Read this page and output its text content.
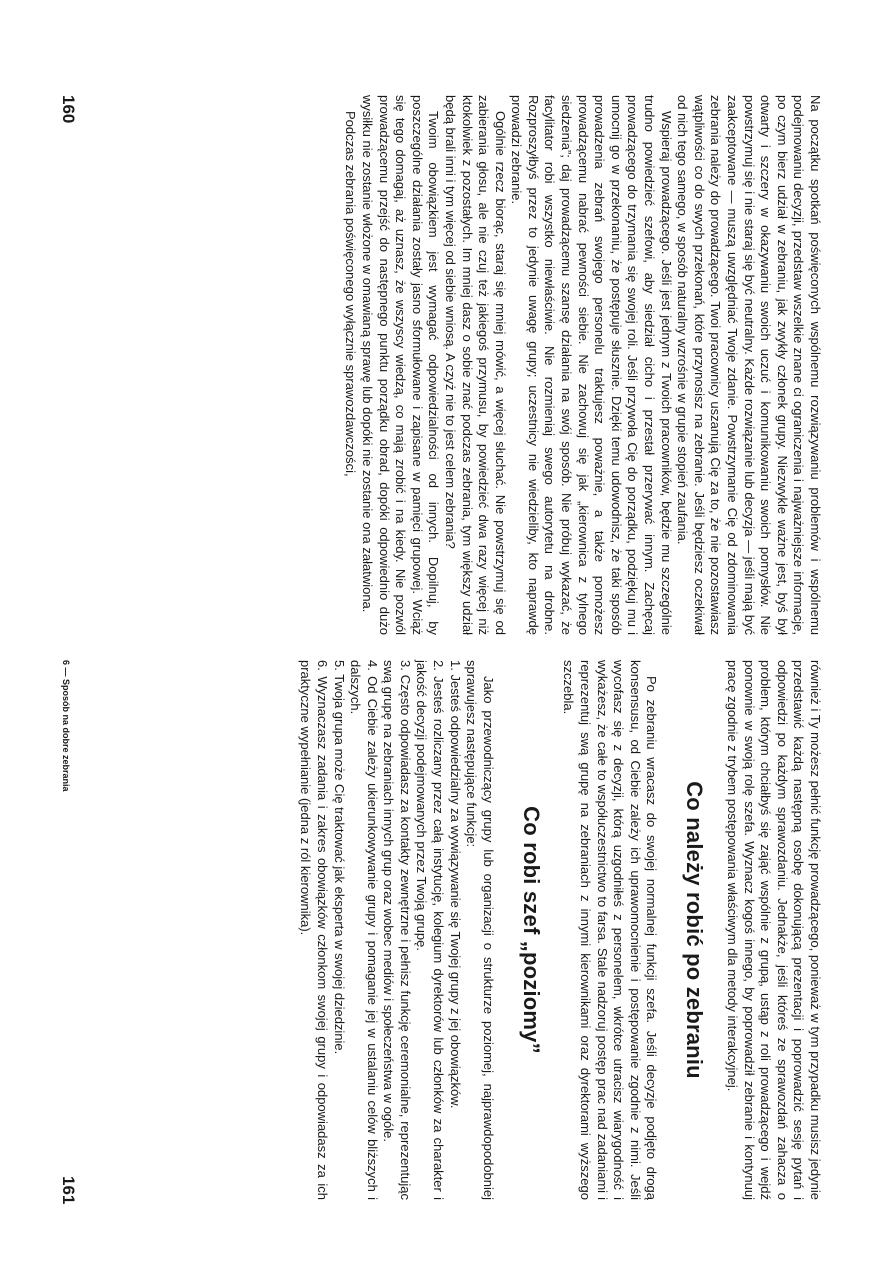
Na początku spotkań poświęconych wspólnemu rozwiązywaniu problemów i wspólnemu podejmowaniu decyzji, przedstaw wszelkie znane ci ograniczenia i najważniejsze informacje, po czym bierz udział w zebraniu, jak zwykły członek grupy. Niezwykle ważne jest, byś był otwarty i szczery w okazywaniu swoich uczuć i komunikowaniu swoich pomysłów. Nie powstrzymuj się i nie staraj się być neutralny. Każde rozwiązanie lub decyzja — jeśli mają być zaakceptowane — muszą uwzględniać Twoje zdanie. Powstrzymanie Cię od zdominowania zebrania należy do prowadzącego. Twoi pracownicy uszanują Cię za to, że nie pozostawiasz wątpliwości co do swych przekonań, które przynosisz na zebranie. Jeśli będziesz oczekiwał od nich tego samego, w sposób naturalny wzrośnie w grupie stopień zaufania.

Wspieraj prowadzącego. Jeśli jest jednym z Twoich pracowników, będzie mu szczególnie trudno powiedzieć szefowi, aby siedział cicho i przestał przerywać innym. Zachęcaj prowadzącego do trzymania się swojej roli. Jeśli przywoła Cię do porządku, podziękuj mu i umocnij go w przekonaniu, że postępuje słusznie. Dzięki temu udowodnisz, że taki sposób prowadzenia zebrań swojego personelu traktujesz poważnie, a także pomożesz prowadzącemu nabrać pewności siebie. Nie zachowuj się jak „kierownica z tylnego siedzenia”; daj prowadzącemu szansę działania na swój sposób. Nie próbuj wykazać, że facylitator robi wszystko niewłaściwie. Nie rozmieniaj swego autorytetu na drobne. Rozproszyłbyś przez to jedynie uwagę grupy; uczestnicy nie wiedzieliby, kto naprawdę prowadzi zebranie.

Ogólnie rzecz biorąc, staraj się mniej mówić, a więcej słuchać. Nie powstrzymuj się od zabierania głosu, ale nie czuj też jakiegoś przymusu, by powiedzieć dwa razy więcej niż ktokolwiek z pozostałych. Im mniej dasz o sobie znać podczas zebrania, tym większy udział będą brali inni i tym więcej od siebie wniosą. A czyż nie to jest celem zebrania?

Twoim obowiązkiem jest wymagać odpowiedzialności od innych. Dopilnuj, by poszczególne działania zostały jasno sformułowane i zapisane w pamięci grupowej. Wciąż się tego domagaj, aż uznasz, że wszyscy wiedzą, co mają zrobić i na kiedy. Nie pozwól prowadzącemu przejść do następnego punktu porządku obrad, dopóki odpowiednio dużo wysiłku nie zostanie włożone w omawianą sprawę lub dopóki nie zostanie ona załatwiona.

Podczas zebrania poświęconego wyłącznie sprawozdawczości,

160

również i Ty możesz pełnić funkcję prowadzącego, ponieważ w tym przypadku musisz jedynie przedstawić każdą następną osobę dokonującą prezentacji i poprowadzić sesję pytań i odpowiedzi po każdym sprawozdaniu. Jednakże, jeśli któreś ze sprawozdań zahacza o problem, którym chciałbyś się zająć wspólnie z grupą, ustąp z roli prowadzącego i wejdź ponownie w swoją rolę szefa. Wyznacz kogoś innego, by poprowadził zebranie i kontynuuj pracę zgodnie z trybem postępowania właściwym dla metody interakcyjnej.

Co należy robić po zebraniu

Po zebraniu wracasz do swojej normalnej funkcji szefa. Jeśli decyzje podjęto drogą konsensusu, od Ciebie zależy ich uprawomocnienie i postępowanie zgodnie z nimi. Jeśli wycofasz się z decyzji, którą uzgodniłeś z personelem, wkrótce utracisz wiarygodność i wykażesz, że całe to współuczestnictwo to farsa. Stale nadzoruj postęp prac nad zadaniami i reprezentuj swą grupę na zebraniach z innymi kierownikami oraz dyrektorami wyższego szczebla.

Co robi szef „poziomy”

Jako przewodniczący grupy lub organizacji o strukturze poziomej, najprawdopodobniej sprawujesz następujące funkcje:

1. Jesteś odpowiedzialny za wywiązywanie się Twojej grupy z jej obowiązków.
2. Jesteś rozliczany przez całą instytucję, kolegium dyrektorów lub członków za charakter i jakość decyzji podejmowanych przez Twoją grupę.
3. Często odpowiadasz za kontakty zewnętrzne i pełnisz funkcję ceremonialne, reprezentując swą grupę na zebraniach innych grup oraz wobec mediów i społeczeństwa w ogóle.
4. Od Ciebie zależy ukierunkowywanie grupy i pomaganie jej w ustalaniu celów bliższych i dalszych.
5. Twoja grupa może Cię traktować jak eksperta w swojej dziedzinie.
6. Wyznaczasz zadania i zakres obowiązków członkom swojej grupy i odpowiadasz za ich praktyczne wypełnianie (jedna z ról kierownika).
6 — Sposób na dobre zebrania
161
